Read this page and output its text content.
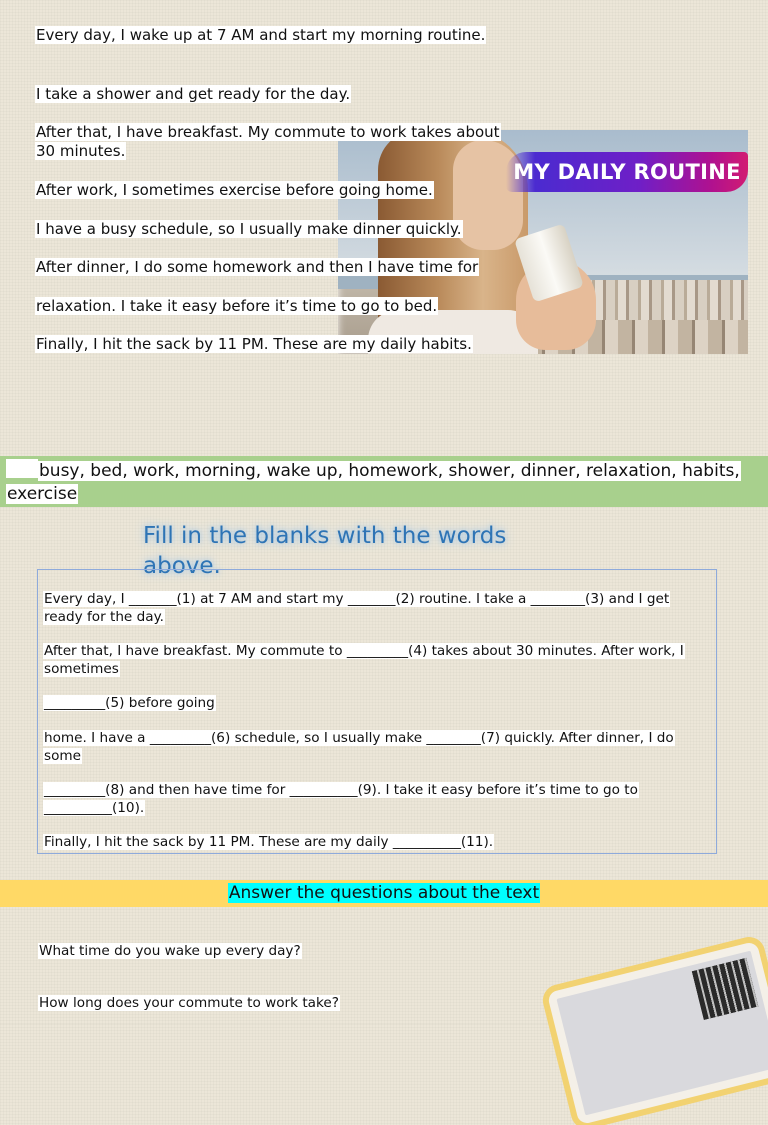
Every day, I wake up at 7 AM and start my morning routine.

I take a shower and get ready for the day.

After that, I have breakfast. My commute to work takes about 30 minutes.

After work, I sometimes exercise before going home.

I have a busy schedule, so I usually make dinner quickly.

After dinner, I do some homework and then I have time for

relaxation. I take it easy before it’s time to go to bed.

Finally, I hit the sack by 11 PM. These are my daily habits.

MY DAILY ROUTINE
busy, bed, work, morning, wake up, homework, shower, dinner, relaxation, habits, exercise
Fill in the blanks with the words above.

Every day, I _______(1) at 7 AM and start my _______(2) routine. I take a ________(3) and I get ready for the day.

After that, I have breakfast. My commute to _________(4) takes about 30 minutes. After work, I sometimes

_________(5) before going

home. I have a _________(6) schedule, so I usually make ________(7) quickly. After dinner, I do some

_________(8) and then have time for __________(9). I take it easy before it’s time to go to __________(10).

Finally, I hit the sack by 11 PM. These are my daily __________(11).

Answer the questions about the text
What time do you wake up every day?
How long does your commute to work take?
